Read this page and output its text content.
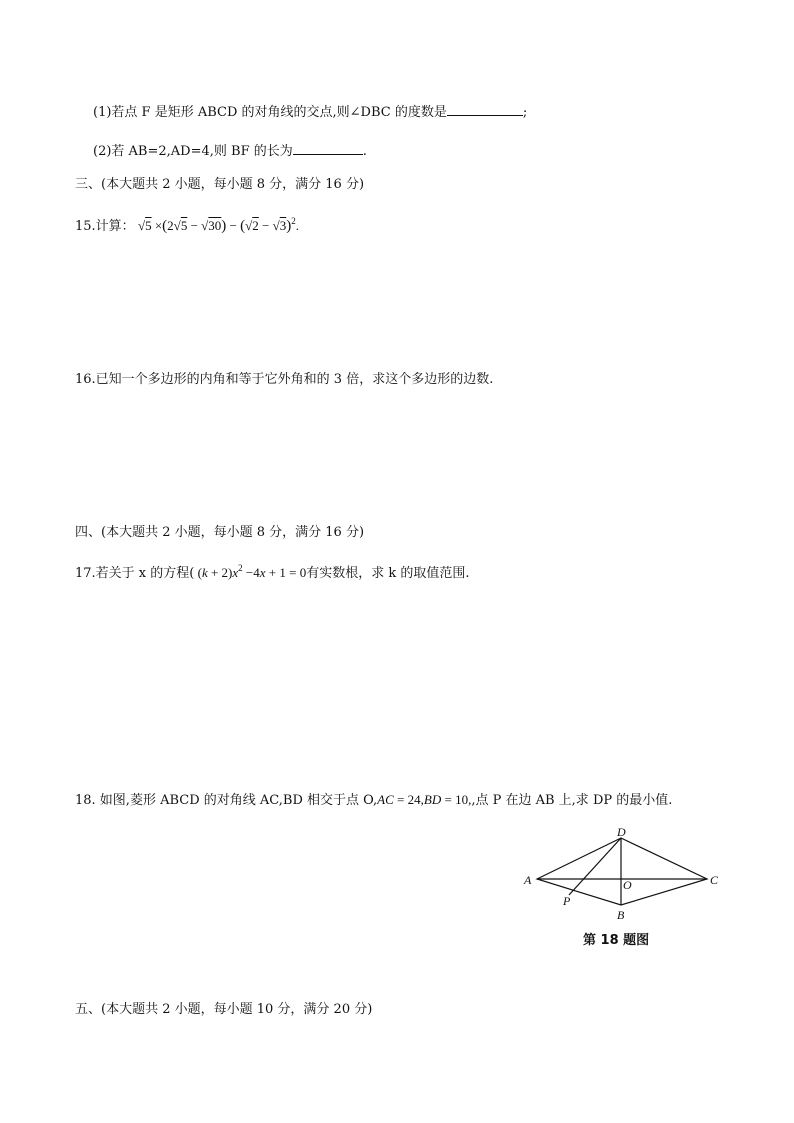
(1)若点 F 是矩形 ABCD 的对角线的交点,则∠DBC 的度数是	;
(2)若 AB=2,AD=4,则 BF 的长为	.
三、(本大题共 2 小题，每小题 8 分，满分 16 分)
15.计算： $√5 \times(2√5 - √30) - (√2 - √3)^2$.
16.已知一个多边形的内角和等于它外角和的 3 倍，求这个多边形的边数.
四、(本大题共 2 小题，每小题 8 分，满分 16 分)
17.若关于 x 的方程( $(k + 2)x^2 -4x + 1 = 0$有实数根，求 k 的取值范围.
18. 如图,菱形 ABCD 的对角线 AC,BD 相交于点 O,AC = 24,BD = 10,,点 P 在边 AB 上,求 DP 的最小值.
D
A	C
O
P
B
第 18 题图
五、(本大题共 2 小题，每小题 10 分，满分 20 分)
